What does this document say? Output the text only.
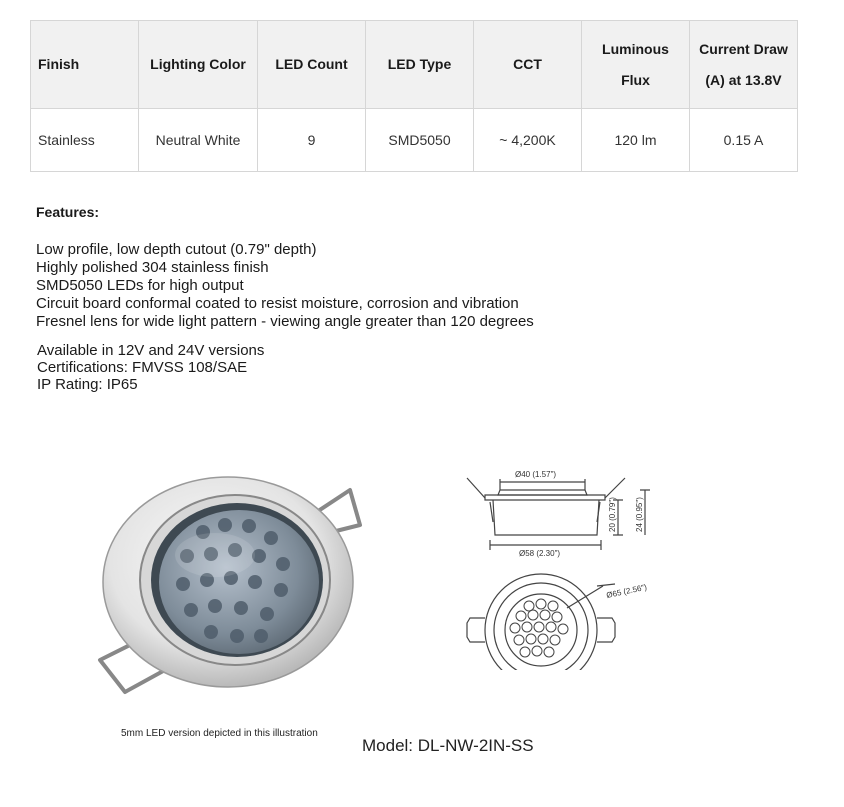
Finish	Lighting Color	LED Count	LED Type	CCT	Luminous Flux	Current Draw (A) at 13.8V
Stainless	Neutral White	9	SMD5050	~ 4,200K	120 lm	0.15 A
Features:
Low profile, low depth cutout (0.79" depth)
Highly polished 304 stainless finish
SMD5050 LEDs for high output
Circuit board conformal coated to resist moisture, corrosion and vibration
Fresnel lens for wide light pattern - viewing angle greater than 120 degrees
Available in 12V and 24V versions
Certifications: FMVSS 108/SAE
IP Rating: IP65
Ø40 (1.57")
Ø58 (2.30")
20 (0.79") 24 (0.95")
Ø65 (2.56")
5mm LED version depicted in this illustration
Model: DL-NW-2IN-SS
